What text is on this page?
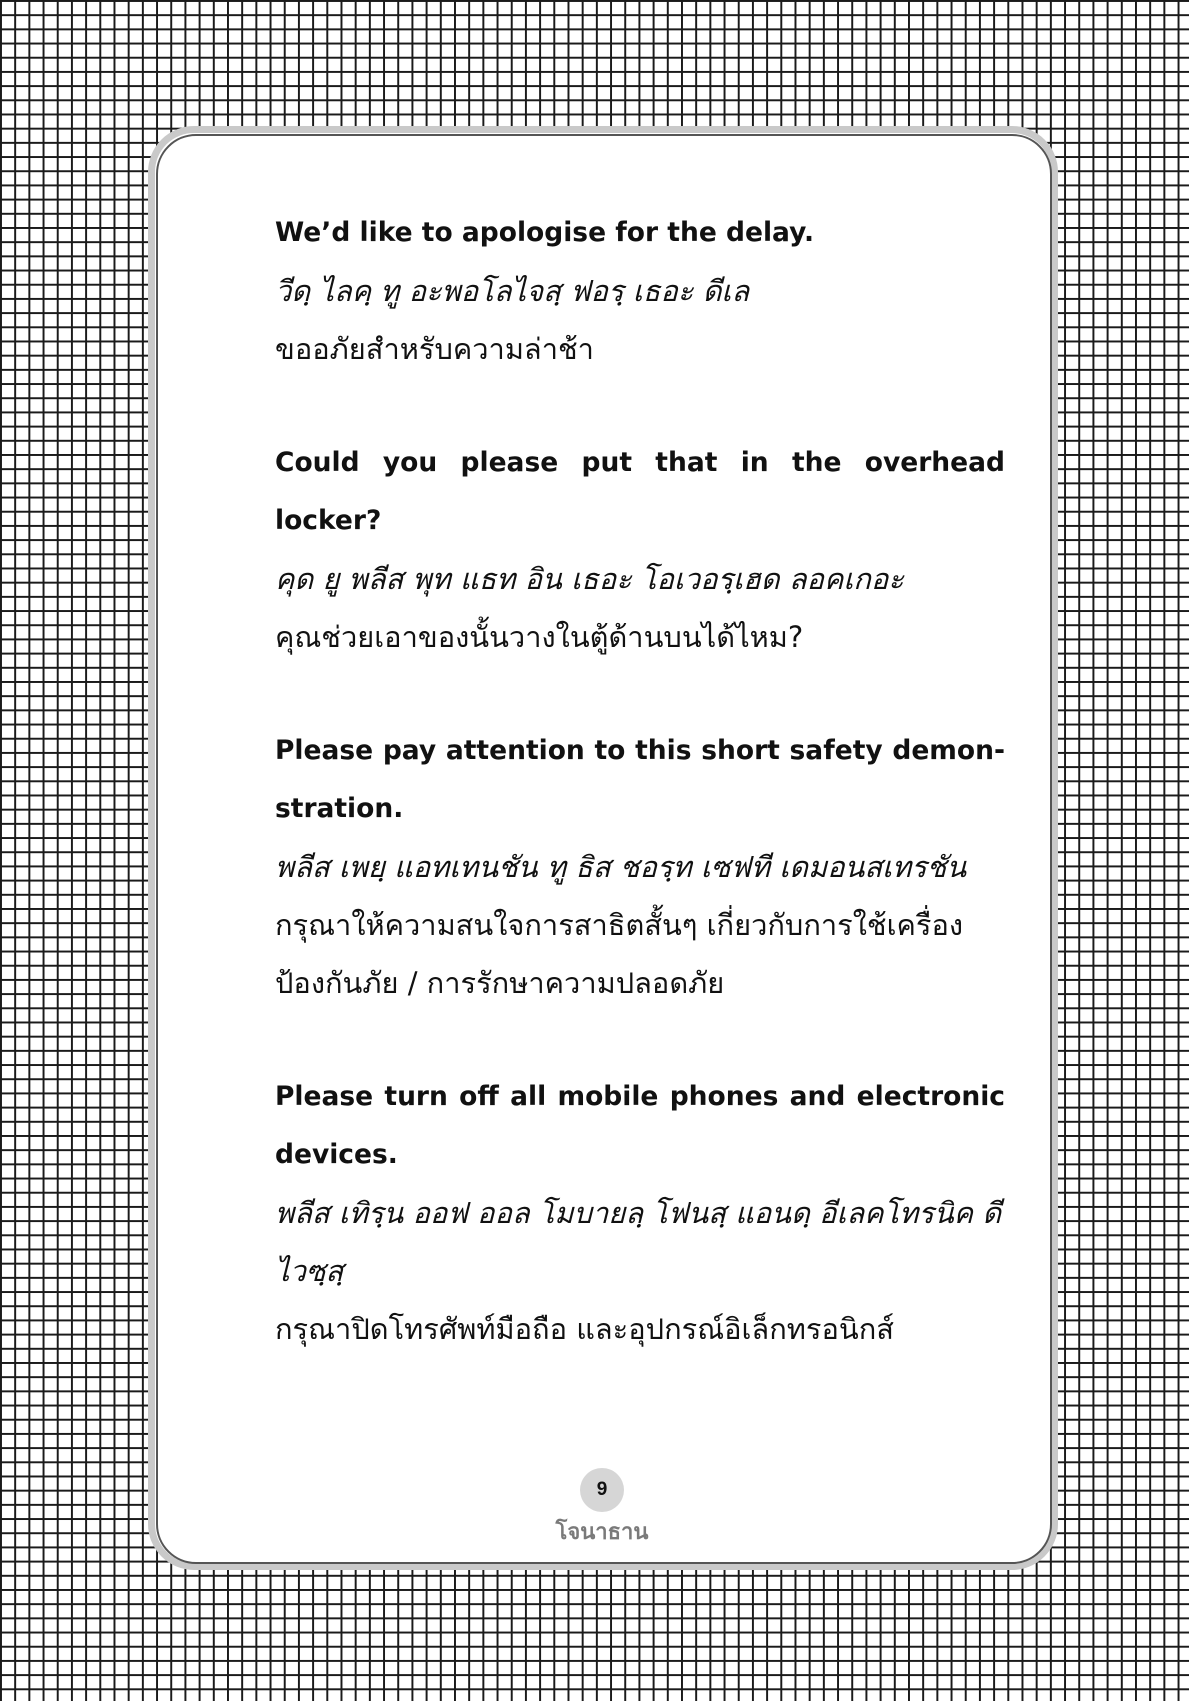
We’d like to apologise for the delay.
วีดฺ ไลคฺ ทู อะพอโลไจสฺ ฟอรฺ เธอะ ดีเล
ขออภัยสำหรับความล่าช้า
Could you please put that in the overhead locker?
คุด ยู พลีส พุท แธท อิน เธอะ โอเวอรฺเฮด ลอคเกอะ
คุณช่วยเอาของนั้นวางในตู้ด้านบนได้ไหม?
Please pay attention to this short safety demon- stration.
พลีส เพยฺ แอทเทนชัน ทู ธิส ชอรฺท เซฟที เดมอนสเทรชัน
กรุณาให้ความสนใจการสาธิตสั้นๆ เกี่ยวกับการใช้เครื่องป้องกันภัย / การรักษาความปลอดภัย
Please turn off all mobile phones and electronic devices.
พลีส เทิรฺน ออฟ ออล โมบายลฺ โฟนสฺ แอนดฺ อีเลคโทรนิค ดีไวซฺสฺ
กรุณาปิดโทรศัพท์มือถือ และอุปกรณ์อิเล็กทรอนิกส์
9
โจนาธาน
